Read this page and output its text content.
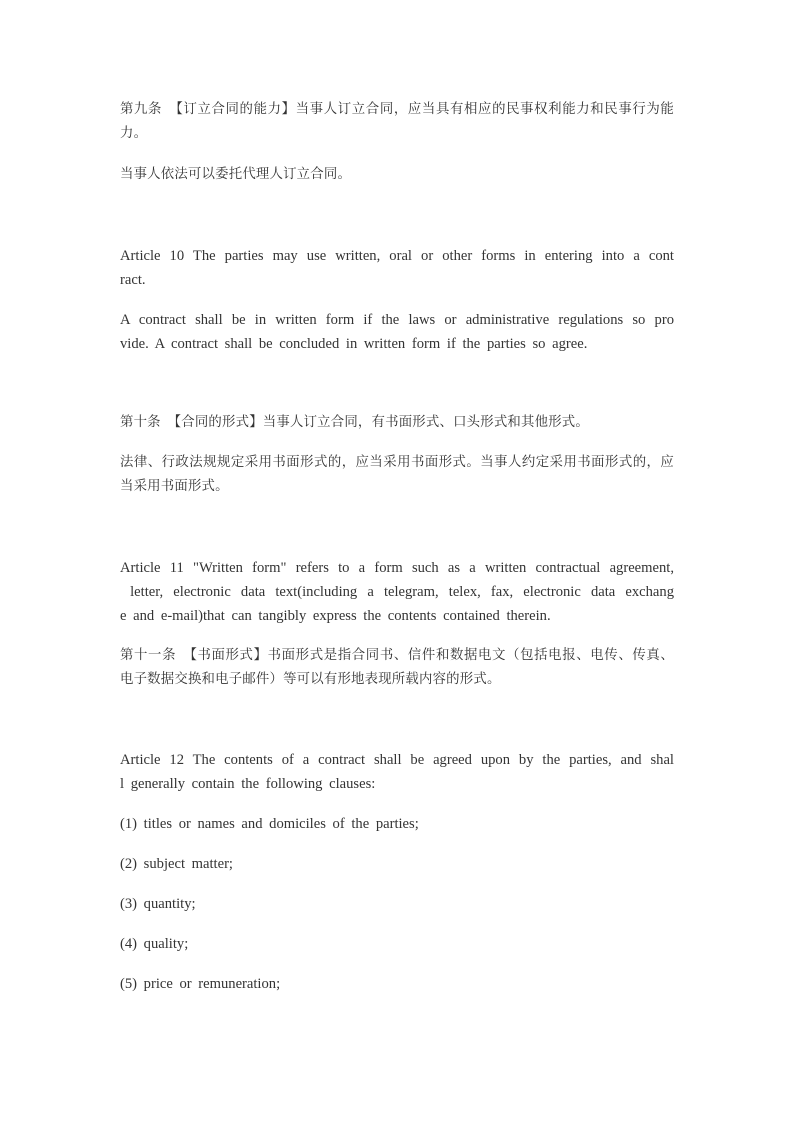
第九条　【订立合同的能力】当事人订立合同，应当具有相应的民事权利能力和民事行为能
力。

当事人依法可以委托代理人订立合同。

Article 10 The parties may use written, oral or other forms in entering into a cont
ract.

A contract shall be in written form if the laws or administrative regulations so pro
vide. A contract shall be concluded in written form if the parties so agree.

第十条　【合同的形式】当事人订立合同，有书面形式、口头形式和其他形式。

法律、行政法规规定采用书面形式的，应当采用书面形式。当事人约定采用书面形式的，应
当采用书面形式。

Article 11 "Written form" refers to a form such as a written contractual agreement,
letter, electronic data text(including a telegram, telex, fax, electronic data exchang
e and e-mail)that can tangibly express the contents contained therein.

第十一条　【书面形式】书面形式是指合同书、信件和数据电文（包括电报、电传、传真、
电子数据交换和电子邮件）等可以有形地表现所载内容的形式。

Article 12 The contents of a contract shall be agreed upon by the parties, and shal
l generally contain the following clauses:

(1) titles or names and domiciles of the parties;

(2) subject matter;

(3) quantity;

(4) quality;

(5) price or remuneration;
